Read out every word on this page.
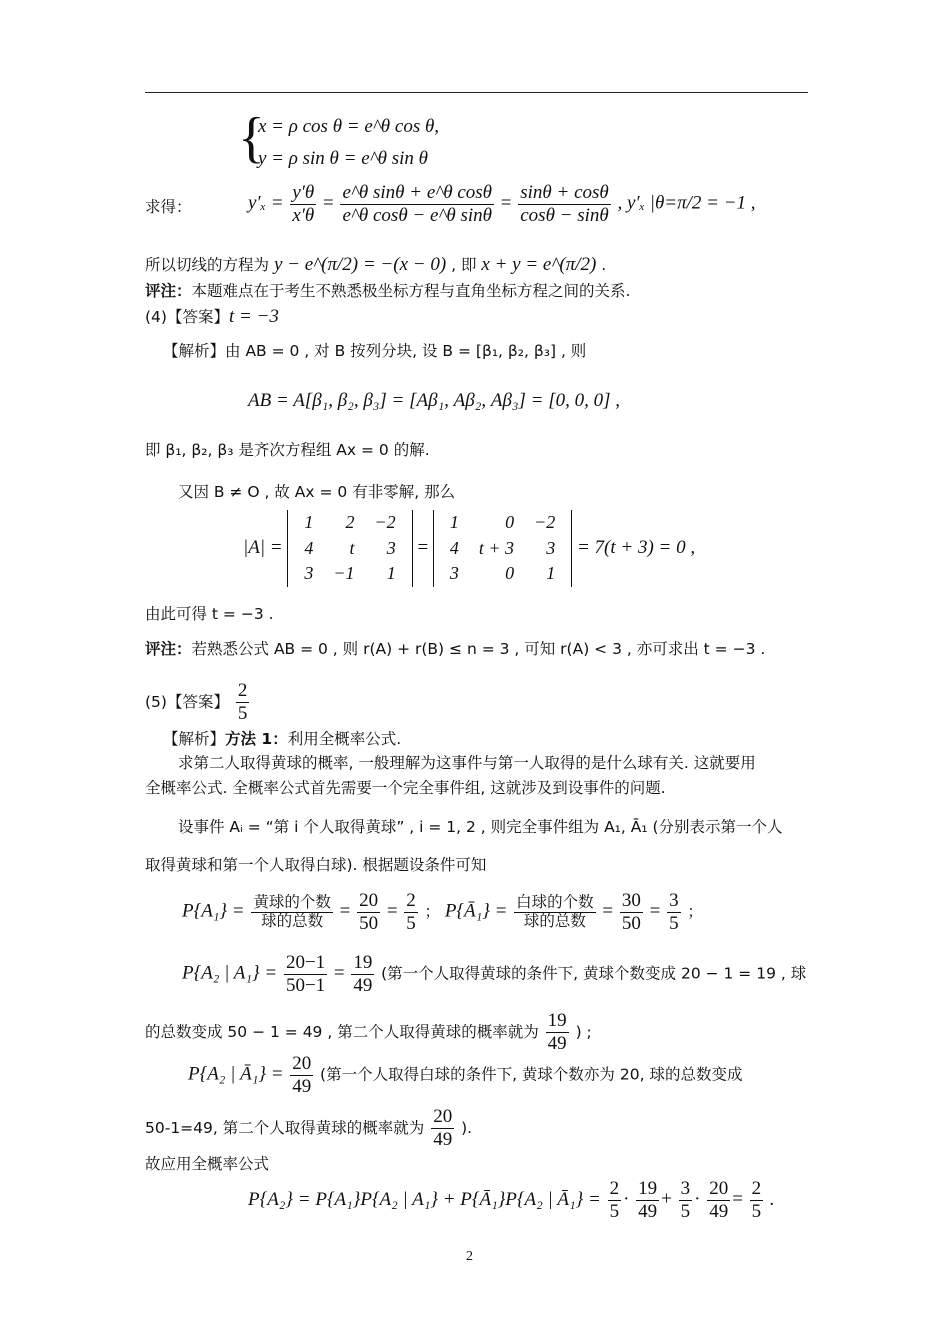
{
x = ρ cos θ = e^θ cos θ,
y = ρ sin θ = e^θ sin θ
求得：	$y'_x = \frac{y'\theta}{x'\theta} = \frac{\text{e\textasciicircum{}θ sinθ + e\textasciicircum{}θ cosθ}}{\text{e\textasciicircum{}θ cosθ − e\textasciicircum{}θ sinθ}} = \frac{\sin\theta + \cos\theta}{\cos\theta - \sin\theta}$ , y′ₓ |θ=π/2 = −1 ,
所以切线的方程为 y − e^(π/2) = −(x − 0) , 即 x + y = e^(π/2) .
评注：本题难点在于考生不熟悉极坐标方程与直角坐标方程之间的关系.
(4)【答案】t = −3
【解析】由 AB = 0 , 对 B 按列分块, 设 B = [β₁, β₂, β₃] , 则
AB = A[β₁, β₂, β₃] = [Aβ₁, Aβ₂, Aβ₃] = [0, 0, 0] ,
即 β₁, β₂, β₃ 是齐次方程组 Ax = 0 的解.
又因 B ≠ O , 故 Ax = 0 有非零解, 那么
|A| =
1	2	−2
4	t	3
3	−1	1
=
1	0	−2
4	t + 3	3
3	0	1
= 7(t + 3) = 0 ,
由此可得 t = −3 .
评注：若熟悉公式 AB = 0 , 则 r(A) + r(B) ≤ n = 3 , 可知 r(A) < 3 , 亦可求出 t = −3 .
(5)【答案】 $\frac{2}{5}$
【解析】方法 1：利用全概率公式.
求第二人取得黄球的概率, 一般理解为这事件与第一人取得的是什么球有关. 这就要用
全概率公式. 全概率公式首先需要一个完全事件组, 这就涉及到设事件的问题.
设事件 Aᵢ = “第 i 个人取得黄球” , i = 1, 2 , 则完全事件组为 A₁, Ā₁ (分别表示第一个人
取得黄球和第一个人取得白球). 根据题设条件可知
$P\{A_1\} = \frac{\text{黄球的个数}}{\text{球的总数}} = \frac{20}{50} = \frac{2}{5}$ ； P{Ā₁} = $\frac{\text{白球的个数}}{\text{球的总数}} = \frac{30}{50} = \frac{3}{5}$ ；
P{A₂ | $A_1\} = \frac{20-1}{50-1} = \frac{19}{49}$ (第一个人取得黄球的条件下, 黄球个数变成 20 − 1 = 19 , 球
的总数变成 50 − 1 = 49 , 第二个人取得黄球的概率就为 $\frac{19}{49}$ ) ;
P{A₂ | Ā₁} = $\frac{20}{49}$ (第一个人取得白球的条件下, 黄球个数亦为 20, 球的总数变成
50-1=49, 第二个人取得黄球的概率就为 $\frac{20}{49}$ ).
故应用全概率公式
P{A₂} = P{A₁}P{A₂ | A₁} + P{Ā₁}P{A₂ | Ā₁} = $\frac{2}{5} \cdot \frac{19}{49} + \frac{3}{5} \cdot \frac{20}{49} = \frac{2}{5}$ .
2
